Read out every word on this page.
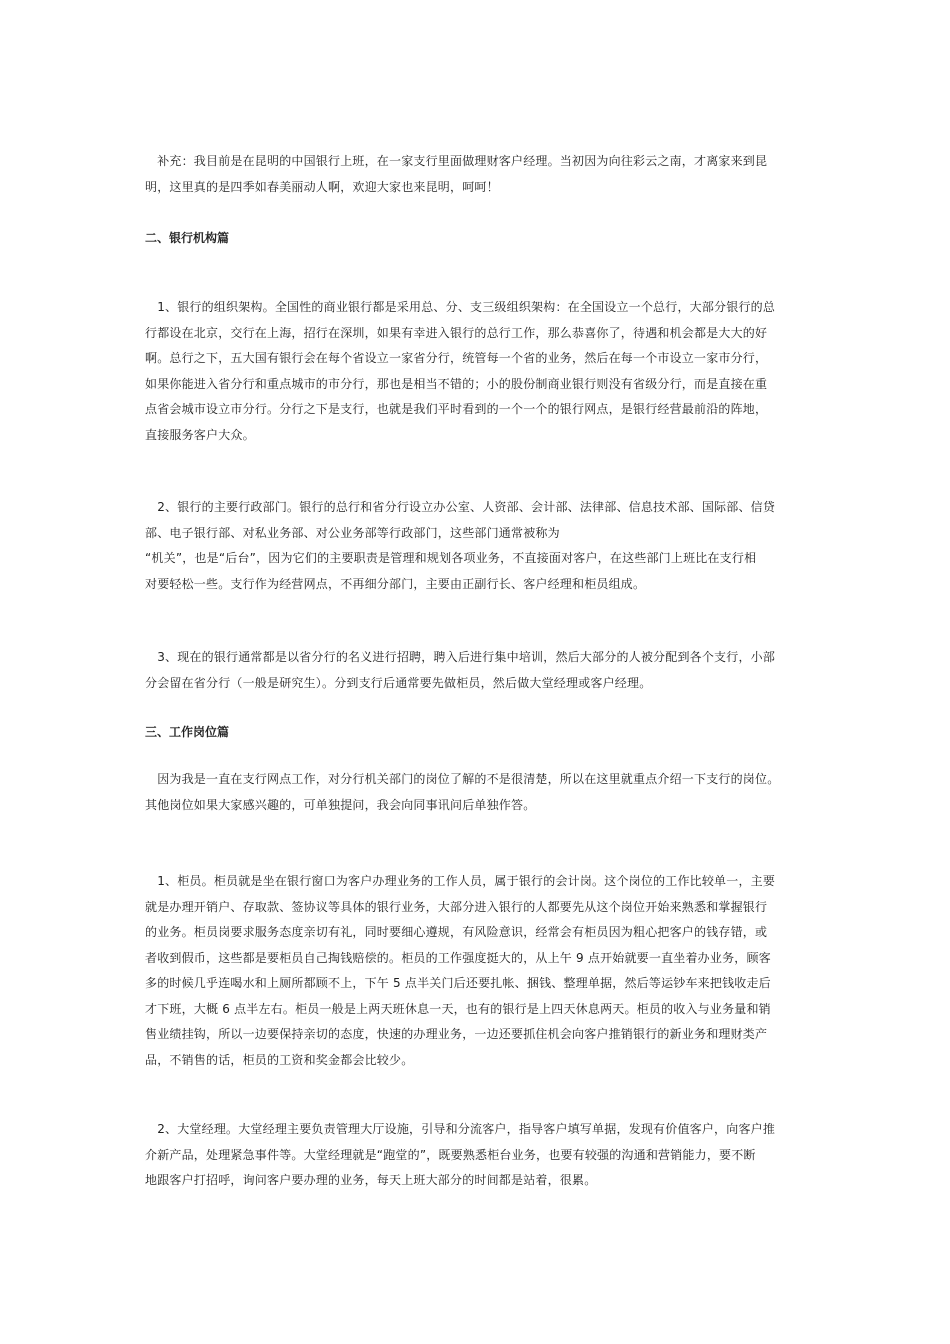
　补充：我目前是在昆明的中国银行上班，在一家支行里面做理财客户经理。当初因为向往彩云之南，才离家来到昆
明，这里真的是四季如春美丽动人啊，欢迎大家也来昆明，呵呵！
二、银行机构篇
　1、银行的组织架构。全国性的商业银行都是采用总、分、支三级组织架构：在全国设立一个总行，大部分银行的总
行都设在北京，交行在上海，招行在深圳，如果有幸进入银行的总行工作，那么恭喜你了，待遇和机会都是大大的好
啊。总行之下，五大国有银行会在每个省设立一家省分行，统管每一个省的业务，然后在每一个市设立一家市分行，
如果你能进入省分行和重点城市的市分行，那也是相当不错的；小的股份制商业银行则没有省级分行，而是直接在重
点省会城市设立市分行。分行之下是支行，也就是我们平时看到的一个一个的银行网点，是银行经营最前沿的阵地，
直接服务客户大众。
　2、银行的主要行政部门。银行的总行和省分行设立办公室、人资部、会计部、法律部、信息技术部、国际部、信贷
部、电子银行部、对私业务部、对公业务部等行政部门，这些部门通常被称为
“机关”，也是“后台”，因为它们的主要职责是管理和规划各项业务，不直接面对客户，在这些部门上班比在支行相
对要轻松一些。支行作为经营网点，不再细分部门，主要由正副行长、客户经理和柜员组成。
　3、现在的银行通常都是以省分行的名义进行招聘，聘入后进行集中培训，然后大部分的人被分配到各个支行，小部
分会留在省分行（一般是研究生）。分到支行后通常要先做柜员，然后做大堂经理或客户经理。
三、工作岗位篇
　因为我是一直在支行网点工作，对分行机关部门的岗位了解的不是很清楚，所以在这里就重点介绍一下支行的岗位。
其他岗位如果大家感兴趣的，可单独提问，我会向同事讯问后单独作答。
　1、柜员。柜员就是坐在银行窗口为客户办理业务的工作人员，属于银行的会计岗。这个岗位的工作比较单一，主要
就是办理开销户、存取款、签协议等具体的银行业务，大部分进入银行的人都要先从这个岗位开始来熟悉和掌握银行
的业务。柜员岗要求服务态度亲切有礼，同时要细心遵规，有风险意识，经常会有柜员因为粗心把客户的钱存错，或
者收到假币，这些都是要柜员自己掏钱赔偿的。柜员的工作强度挺大的，从上午 9 点开始就要一直坐着办业务，顾客
多的时候几乎连喝水和上厕所都顾不上，下午 5 点半关门后还要扎帐、捆钱、整理单据，然后等运钞车来把钱收走后
才下班，大概 6 点半左右。柜员一般是上两天班休息一天，也有的银行是上四天休息两天。柜员的收入与业务量和销
售业绩挂钩，所以一边要保持亲切的态度，快速的办理业务，一边还要抓住机会向客户推销银行的新业务和理财类产
品，不销售的话，柜员的工资和奖金都会比较少。
　2、大堂经理。大堂经理主要负责管理大厅设施，引导和分流客户，指导客户填写单据，发现有价值客户，向客户推
介新产品，处理紧急事件等。大堂经理就是“跑堂的”，既要熟悉柜台业务，也要有较强的沟通和营销能力，要不断
地跟客户打招呼，询问客户要办理的业务，每天上班大部分的时间都是站着，很累。
